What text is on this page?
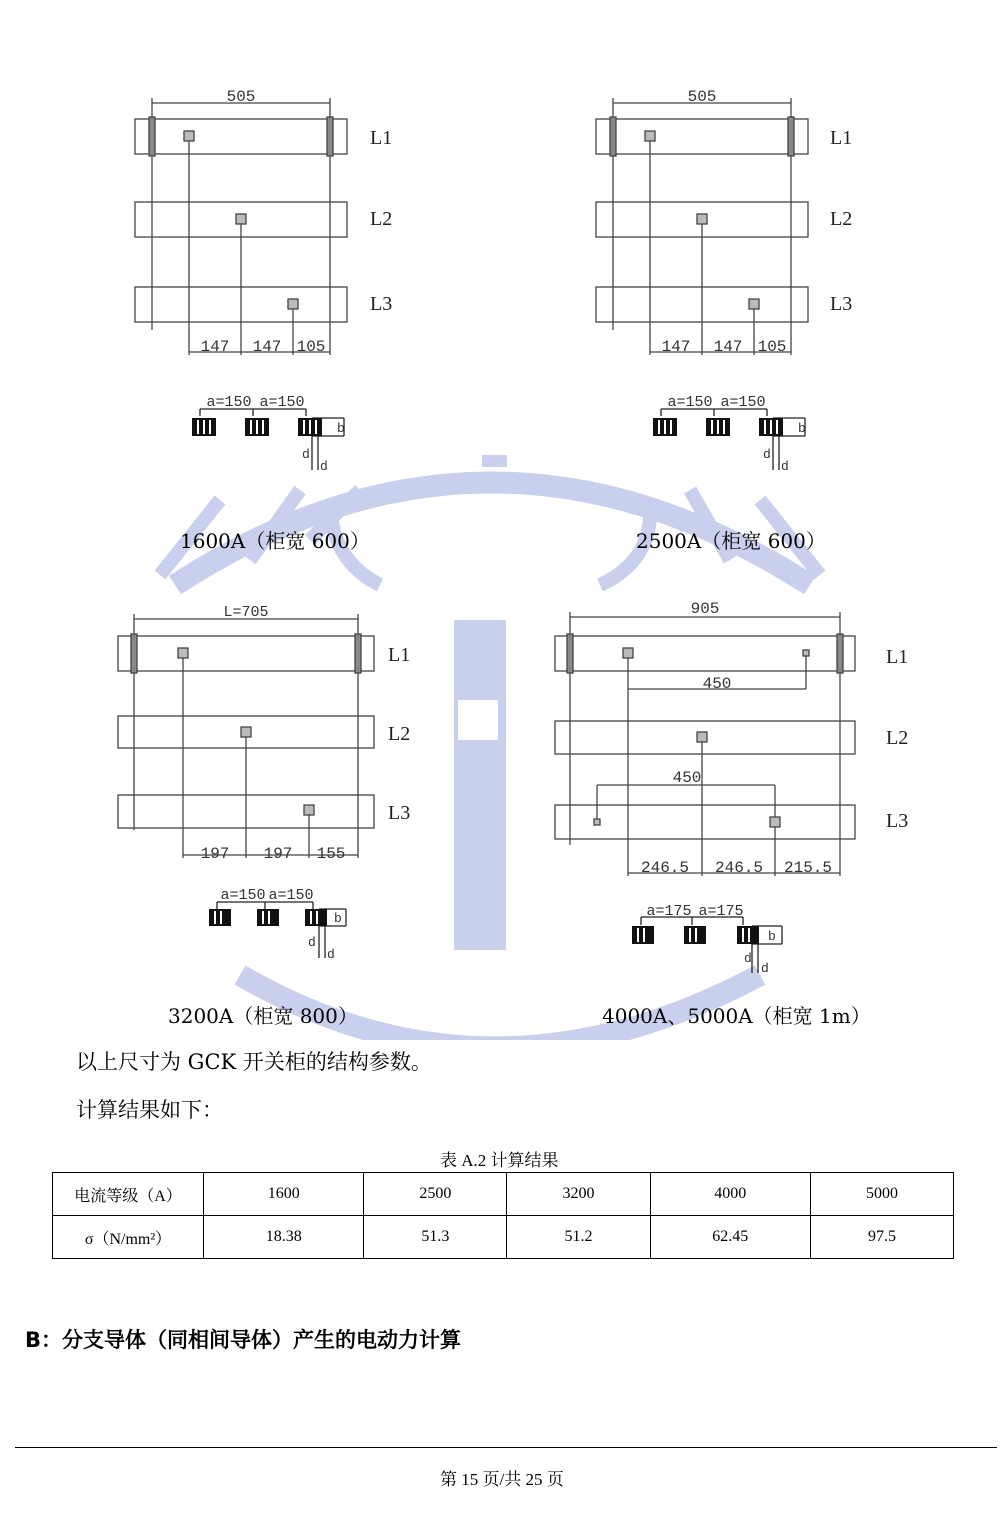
505
L1
L2
L3
147 147 105
a=150 a=150
b
d
d
505
L1
L2
L3
147 147 105
a=150 a=150
b
d
d
L=705
L1
L2
L3
197 197 155
a=150 a=150
b
d
d
905
L1
L2
L3
450
450
246.5 246.5 215.5
a=175 a=175
b
d
d
1600A（柜宽 600）	2500A（柜宽 600）
3200A（柜宽 800）	4000A、5000A（柜宽 1m）
以上尺寸为 GCK 开关柜的结构参数。
计算结果如下：
表 A.2 计算结果
电流等级（A）	1600	2500	3200	4000	5000
σ（N/mm²）	18.38	51.3	51.2	62.45	97.5
B：分支导体（同相间导体）产生的电动力计算
第 15 页/共 25 页
